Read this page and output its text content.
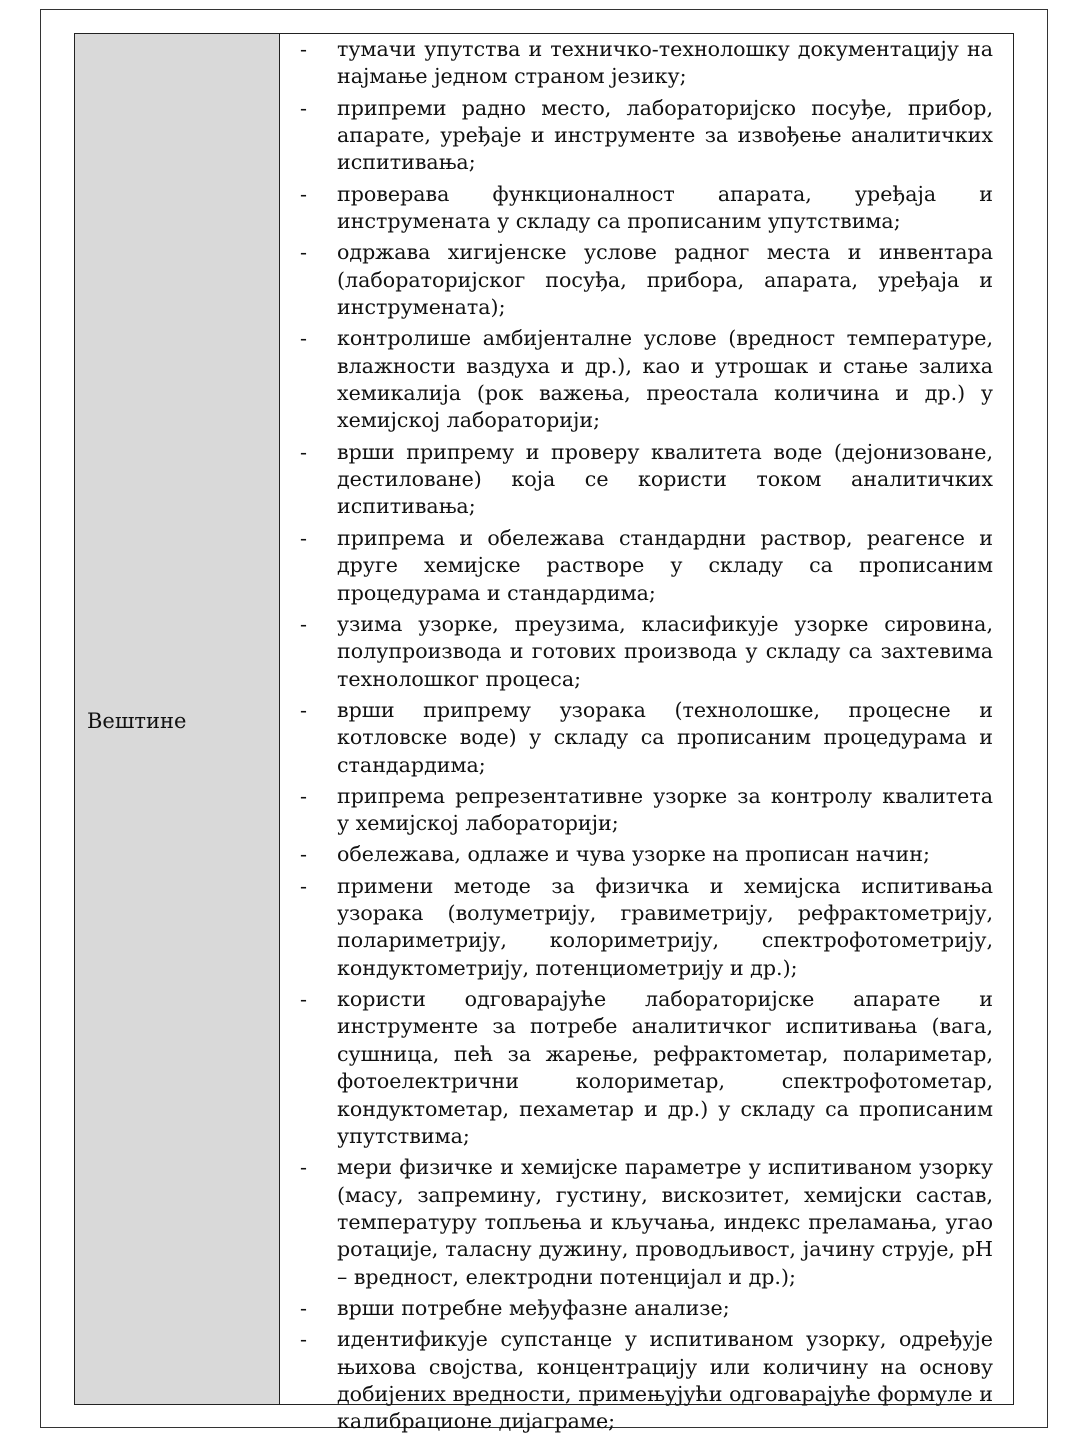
Вештине
- тумачи упутства и техничко-технолошку документацију на најмање једном страном језику;
- припреми радно место, лабораторијско посуђе, прибор, апарате, уређаје и инструменте за извођење аналитичких испитивања;
- проверава функционалност апарата, уређаја и инструмената у складу са прописаним упутствима;
- одржава хигијенске услове радног места и инвентара (лабораторијског посуђа, прибора, апарата, уређаја и инструмената);
- контролише амбијенталне услове (вредност температуре, влажности ваздуха и др.), као и утрошак и стање залиха хемикалија (рок важења, преостала количина и др.) у хемијској лабораторији;
- врши припрему и проверу квалитета воде (дејонизоване, дестиловане) која се користи током аналитичких испитивања;
- припрема и обележава стандардни раствор, реагенсе и друге хемијске растворе у складу са прописаним процедурама и стандардима;
- узима узорке, преузима, класификује узорке сировина, полупроизвода и готових производа у складу са захтевима технолошког процеса;
- врши припрему узорака (технолошке, процесне и котловске воде) у складу са прописаним процедурама и стандардима;
- припрема репрезентативне узорке за контролу квалитета у хемијској лабораторији;
- обележава, одлаже и чува узорке на прописан начин;
- примени методе за физичка и хемијска испитивања узорака (волуметрију, гравиметрију, рефрактометрију, полариметрију, колориметрију, спектрофотометрију, кондуктометрију, потенциометрију и др.);
- користи одговарајуће лабораторијске апарате и инструменте за потребе аналитичког испитивања (вага, сушница, пећ за жарење, рефрактометар, полариметар, фотоелектрични колориметар, спектрофотометар, кондуктометар, пехаметар и др.) у складу са прописаним упутствима;
- мери физичке и хемијске параметре у испитиваном узорку (масу, запремину, густину, вискозитет, хемијски састав, температуру топљења и кључања, индекс преламања, угао ротације, таласну дужину, проводљивост, јачину струје, pH – вредност, електродни потенцијал и др.);
- врши потребне међуфазне анализе;
- идентификује супстанце у испитиваном узорку, одређује њихова својства, концентрацију или количину на основу добијених вредности, примењујући одговарајуће формуле и калибрационе дијаграме;
